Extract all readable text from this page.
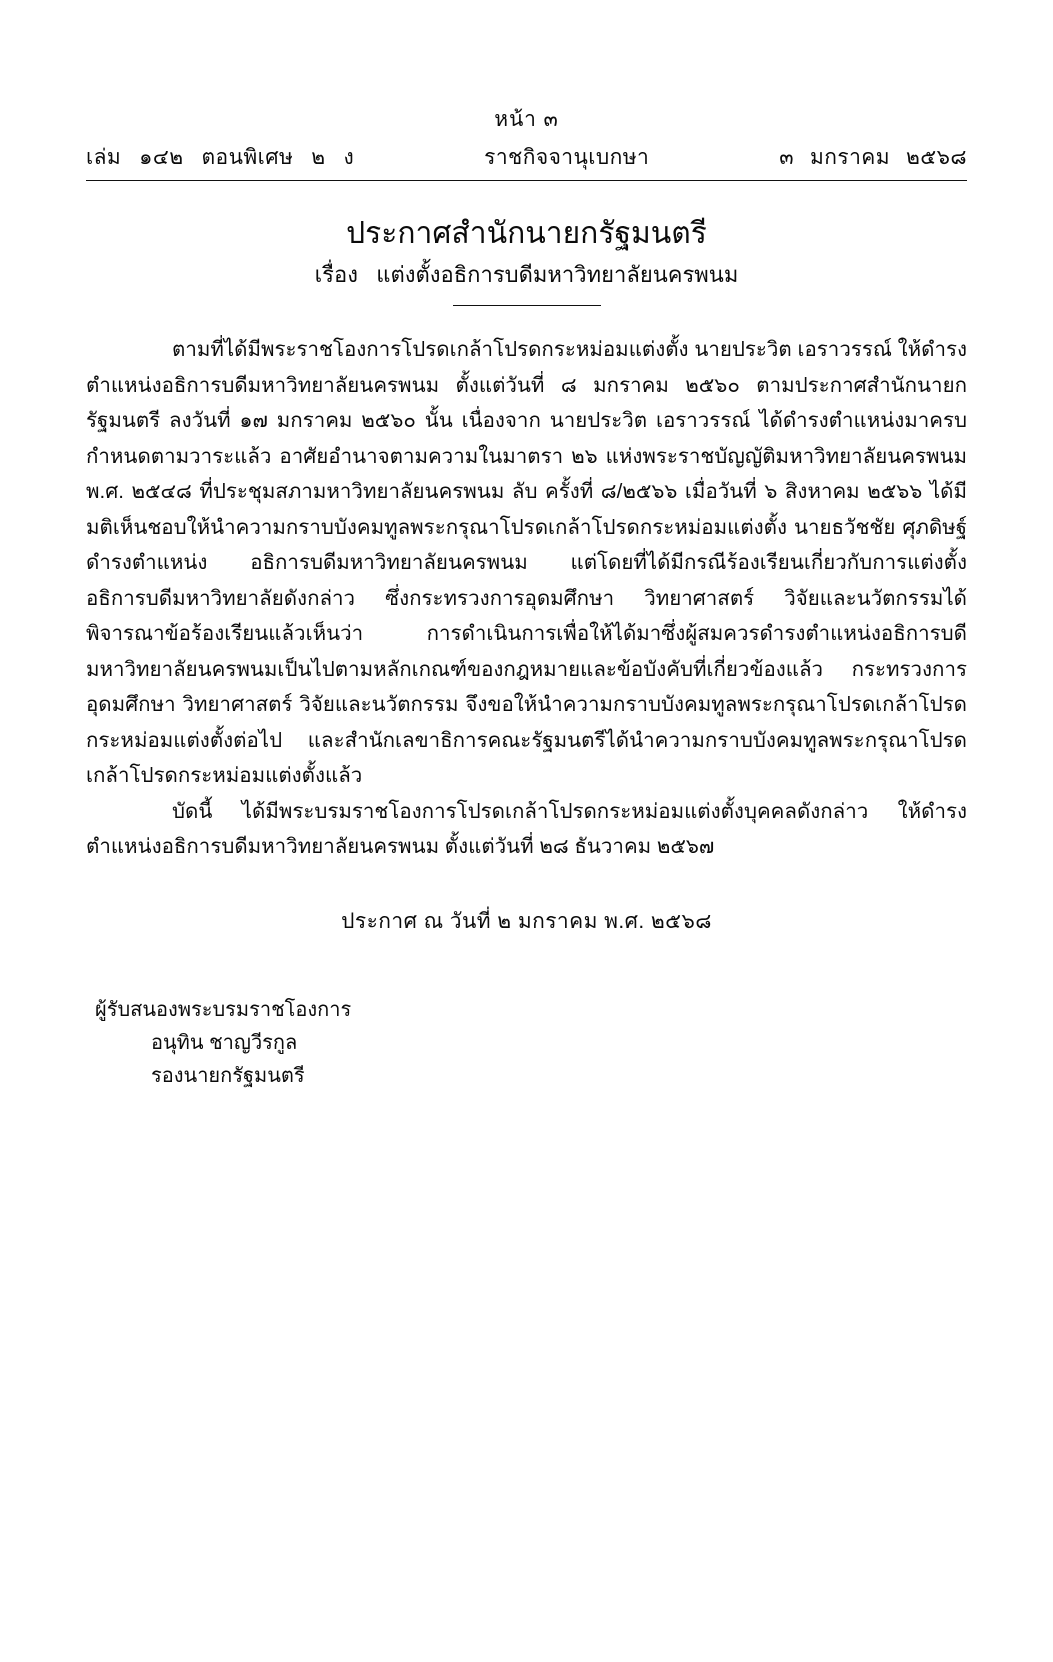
หน้า ๓
เล่ม ๑๔๒ ตอนพิเศษ ๒ ง	ราชกิจจานุเบกษา	๓ มกราคม ๒๕๖๘
ประกาศสำนักนายกรัฐมนตรี
เรื่อง แต่งตั้งอธิการบดีมหาวิทยาลัยนครพนม

ตามที่ได้มีพระราชโองการโปรดเกล้าโปรดกระหม่อมแต่งตั้ง นายประวิต เอราวรรณ์ ให้ดำรงตำแหน่งอธิการบดีมหาวิทยาลัยนครพนม ตั้งแต่วันที่ ๘ มกราคม ๒๕๖๐ ตามประกาศสำนักนายกรัฐมนตรี ลงวันที่ ๑๗ มกราคม ๒๕๖๐ นั้น เนื่องจาก นายประวิต เอราวรรณ์ ได้ดำรงตำแหน่งมาครบกำหนดตามวาระแล้ว อาศัยอำนาจตามความในมาตรา ๒๖ แห่งพระราชบัญญัติมหาวิทยาลัยนครพนม พ.ศ. ๒๕๔๘ ที่ประชุมสภามหาวิทยาลัยนครพนม ลับ ครั้งที่ ๘/๒๕๖๖ เมื่อวันที่ ๖ สิงหาคม ๒๕๖๖ ได้มีมติเห็นชอบให้นำความกราบบังคมทูลพระกรุณาโปรดเกล้าโปรดกระหม่อมแต่งตั้ง นายธวัชชัย ศุภดิษฐ์ ดำรงตำแหน่ง อธิการบดีมหาวิทยาลัยนครพนม แต่โดยที่ได้มีกรณีร้องเรียนเกี่ยวกับการแต่งตั้งอธิการบดีมหาวิทยาลัยดังกล่าว ซึ่งกระทรวงการอุดมศึกษา วิทยาศาสตร์ วิจัยและนวัตกรรมได้พิจารณาข้อร้องเรียนแล้วเห็นว่า การดำเนินการเพื่อให้ได้มาซึ่งผู้สมควรดำรงตำแหน่งอธิการบดีมหาวิทยาลัยนครพนมเป็นไปตามหลักเกณฑ์ของกฎหมายและข้อบังคับที่เกี่ยวข้องแล้ว กระทรวงการอุดมศึกษา วิทยาศาสตร์ วิจัยและนวัตกรรม จึงขอให้นำความกราบบังคมทูลพระกรุณาโปรดเกล้าโปรดกระหม่อมแต่งตั้งต่อไป และสำนักเลขาธิการคณะรัฐมนตรีได้นำความกราบบังคมทูลพระกรุณาโปรดเกล้าโปรดกระหม่อมแต่งตั้งแล้ว

บัดนี้ ได้มีพระบรมราชโองการโปรดเกล้าโปรดกระหม่อมแต่งตั้งบุคคลดังกล่าว ให้ดำรงตำแหน่งอธิการบดีมหาวิทยาลัยนครพนม ตั้งแต่วันที่ ๒๘ ธันวาคม ๒๕๖๗

ประกาศ ณ วันที่ ๒ มกราคม พ.ศ. ๒๕๖๘
ผู้รับสนองพระบรมราชโองการ
อนุทิน ชาญวีรกูล
รองนายกรัฐมนตรี
